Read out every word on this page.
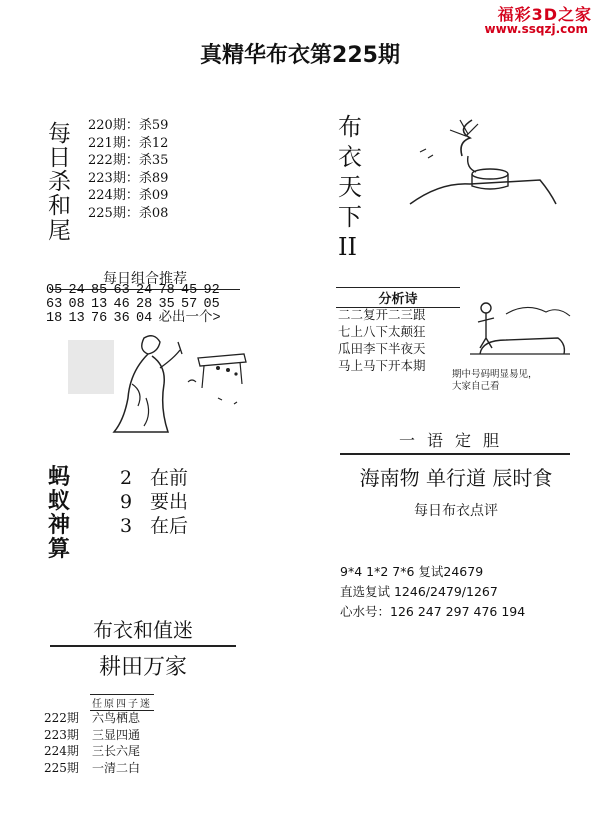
福彩3D之家
www.ssqzj.com
真精华布衣第225期
每
日
杀
和
尾
220期：杀59
221期：杀12
222期：杀35
223期：杀89
224期：杀09
225期：杀08
布
衣
天
下
II
每日组合推荐
05 24 85 63 24 78 45 92
63 08 13 46 28 35 57 05
18 13 76 36 04 必出一个>
分析诗
二二复开二三跟
七上八下太颠狂
瓜田李下半夜天
马上马下开本期
期中号码明显易见，
大家自己看
一语定胆
海南物 单行道 辰时食
每日布衣点评
9*4 1*2 7*6 复试24679
直选复试 1246/2479/1267
心水号：126 247 297 476 194
蚂
蚁
神
算
2 在前
9 要出
3 在后
布衣和值迷
耕田万家
任原四子迷
222期 六鸟栖息
223期 三显四通
224期 三长六尾
225期 一清二白
